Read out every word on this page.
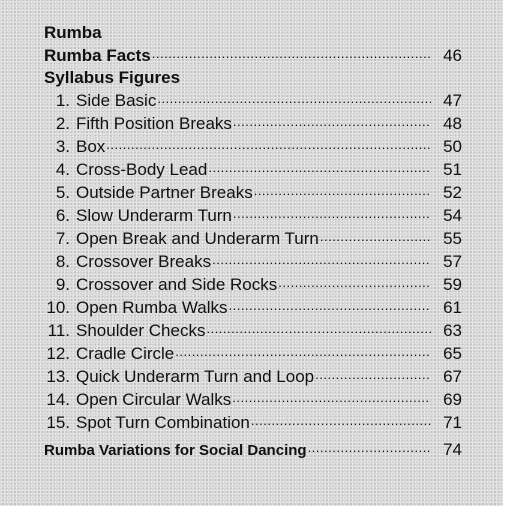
Rumba
Rumba Facts .....	46
Syllabus Figures
1. Side Basic .....	47
2. Fifth Position Breaks .....	48
3. Box .....	50
4. Cross-Body Lead .....	51
5. Outside Partner Breaks .....	52
6. Slow Underarm Turn .....	54
7. Open Break and Underarm Turn .....	55
8. Crossover Breaks .....	57
9. Crossover and Side Rocks .....	59
10. Open Rumba Walks .....	61
11. Shoulder Checks .....	63
12. Cradle Circle .....	65
13. Quick Underarm Turn and Loop .....	67
14. Open Circular Walks .....	69
15. Spot Turn Combination .....	71
Rumba Variations for Social Dancing .....	74
